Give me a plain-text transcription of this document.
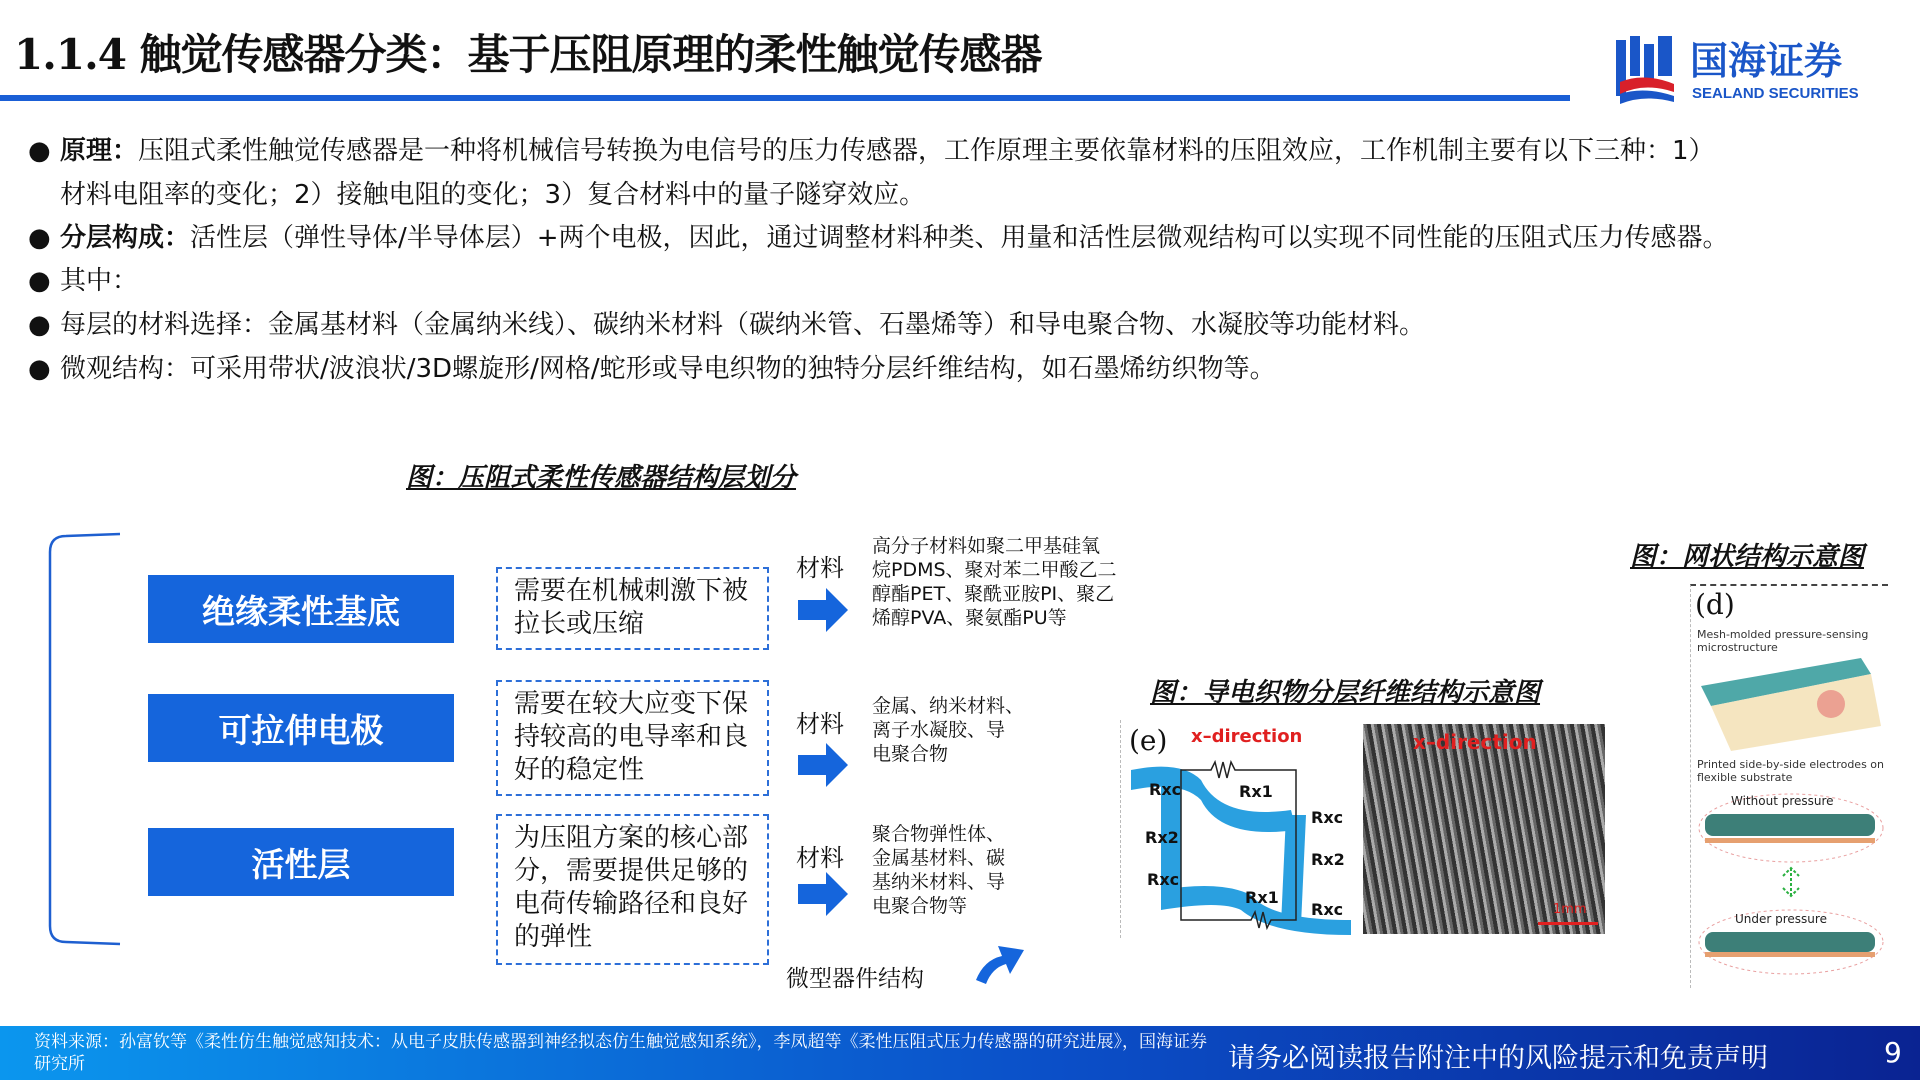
1.1.4 触觉传感器分类：基于压阻原理的柔性触觉传感器	国海证券
SEALAND SECURITIES
● 原理：压阻式柔性触觉传感器是一种将机械信号转换为电信号的压力传感器，工作原理主要依靠材料的压阻效应，工作机制主要有以下三种：1）
材料电阻率的变化；2）接触电阻的变化；3）复合材料中的量子隧穿效应。
● 分层构成：活性层（弹性导体/半导体层）+两个电极，因此，通过调整材料种类、用量和活性层微观结构可以实现不同性能的压阻式压力传感器。
● 其中：
● 每层的材料选择：金属基材料（金属纳米线）、碳纳米材料（碳纳米管、石墨烯等）和导电聚合物、水凝胶等功能材料。
● 微观结构：可采用带状/波浪状/3D螺旋形/网格/蛇形或导电织物的独特分层纤维结构，如石墨烯纺织物等。
图：压阻式柔性传感器结构层划分
绝缘柔性基底
可拉伸电极
活性层
需要在机械刺激下被拉长或压缩
需要在较大应变下保持较高的电导率和良好的稳定性
为压阻方案的核心部分，需要提供足够的电荷传输路径和良好的弹性
材料
材料
材料
高分子材料如聚二甲基硅氧
烷PDMS、聚对苯二甲酸乙二
醇酯PET、聚酰亚胺PI、聚乙
烯醇PVA、聚氨酯PU等
金属、纳米材料、
离子水凝胶、导
电聚合物
聚合物弹性体、
金属基材料、碳
基纳米材料、导
电聚合物等
微型器件结构
图：导电织物分层纤维结构示意图
(e) x–direction
Rxc	Rx1
Rxc
Rx2
Rx2
Rxc
Rx1
Rxc
x–direction
1mm
图：网状结构示意图
(d)
Mesh-molded pressure-sensing microstructure
Printed side-by-side electrodes on flexible substrate
Without pressure
Under pressure
资料来源：孙富钦等《柔性仿生触觉感知技术：从电子皮肤传感器到神经拟态仿生触觉感知系统》，李凤超等《柔性压阻式压力传感器的研究进展》，国海证券研究所	请务必阅读报告附注中的风险提示和免责声明	9
